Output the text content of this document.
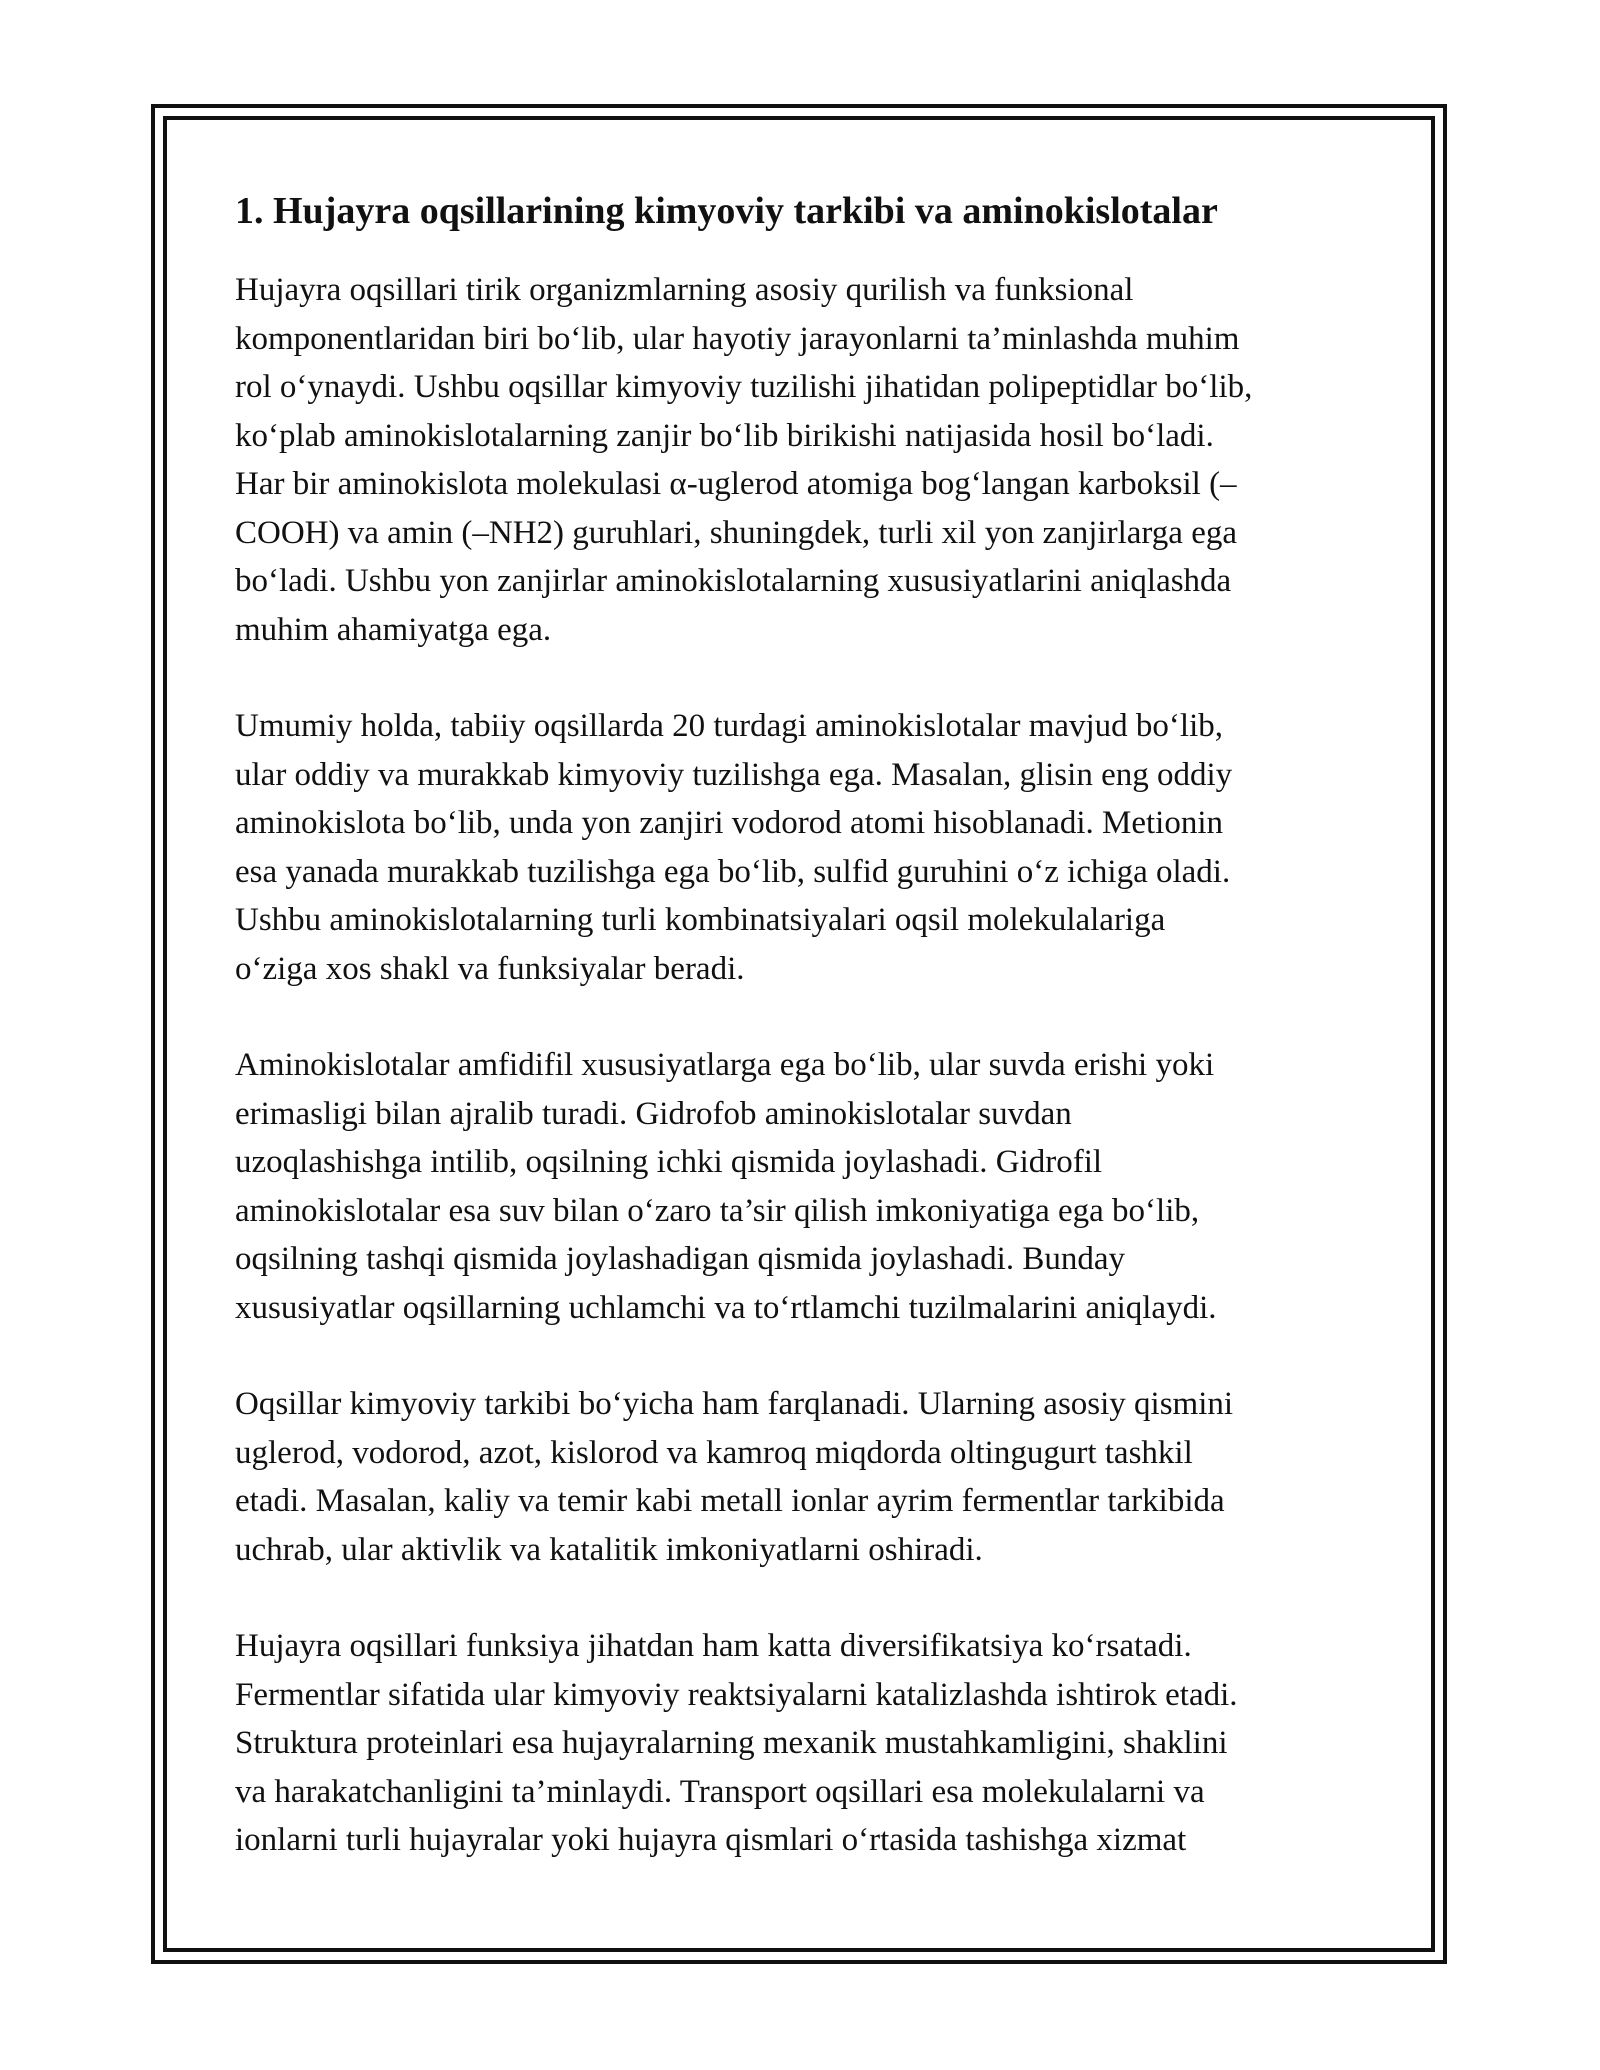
1. Hujayra oqsillarining kimyoviy tarkibi va aminokislotalar

Hujayra oqsillari tirik organizmlarning asosiy qurilish va funksional
komponentlaridan biri bo‘lib, ular hayotiy jarayonlarni ta’minlashda muhim
rol o‘ynaydi. Ushbu oqsillar kimyoviy tuzilishi jihatidan polipeptidlar bo‘lib,
ko‘plab aminokislotalarning zanjir bo‘lib birikishi natijasida hosil bo‘ladi.
Har bir aminokislota molekulasi α-uglerod atomiga bog‘langan karboksil (–
COOH) va amin (–NH2) guruhlari, shuningdek, turli xil yon zanjirlarga ega
bo‘ladi. Ushbu yon zanjirlar aminokislotalarning xususiyatlarini aniqlashda
muhim ahamiyatga ega.

Umumiy holda, tabiiy oqsillarda 20 turdagi aminokislotalar mavjud bo‘lib,
ular oddiy va murakkab kimyoviy tuzilishga ega. Masalan, glisin eng oddiy
aminokislota bo‘lib, unda yon zanjiri vodorod atomi hisoblanadi. Metionin
esa yanada murakkab tuzilishga ega bo‘lib, sulfid guruhini o‘z ichiga oladi.
Ushbu aminokislotalarning turli kombinatsiyalari oqsil molekulalariga
o‘ziga xos shakl va funksiyalar beradi.

Aminokislotalar amfidifil xususiyatlarga ega bo‘lib, ular suvda erishi yoki
erimasligi bilan ajralib turadi. Gidrofob aminokislotalar suvdan
uzoqlashishga intilib, oqsilning ichki qismida joylashadi. Gidrofil
aminokislotalar esa suv bilan o‘zaro ta’sir qilish imkoniyatiga ega bo‘lib,
oqsilning tashqi qismida joylashadigan qismida joylashadi. Bunday
xususiyatlar oqsillarning uchlamchi va to‘rtlamchi tuzilmalarini aniqlaydi.

Oqsillar kimyoviy tarkibi bo‘yicha ham farqlanadi. Ularning asosiy qismini
uglerod, vodorod, azot, kislorod va kamroq miqdorda oltingugurt tashkil
etadi. Masalan, kaliy va temir kabi metall ionlar ayrim fermentlar tarkibida
uchrab, ular aktivlik va katalitik imkoniyatlarni oshiradi.

Hujayra oqsillari funksiya jihatdan ham katta diversifikatsiya ko‘rsatadi.
Fermentlar sifatida ular kimyoviy reaktsiyalarni katalizlashda ishtirok etadi.
Struktura proteinlari esa hujayralarning mexanik mustahkamligini, shaklini
va harakatchanligini ta’minlaydi. Transport oqsillari esa molekulalarni va
ionlarni turli hujayralar yoki hujayra qismlari o‘rtasida tashishga xizmat
